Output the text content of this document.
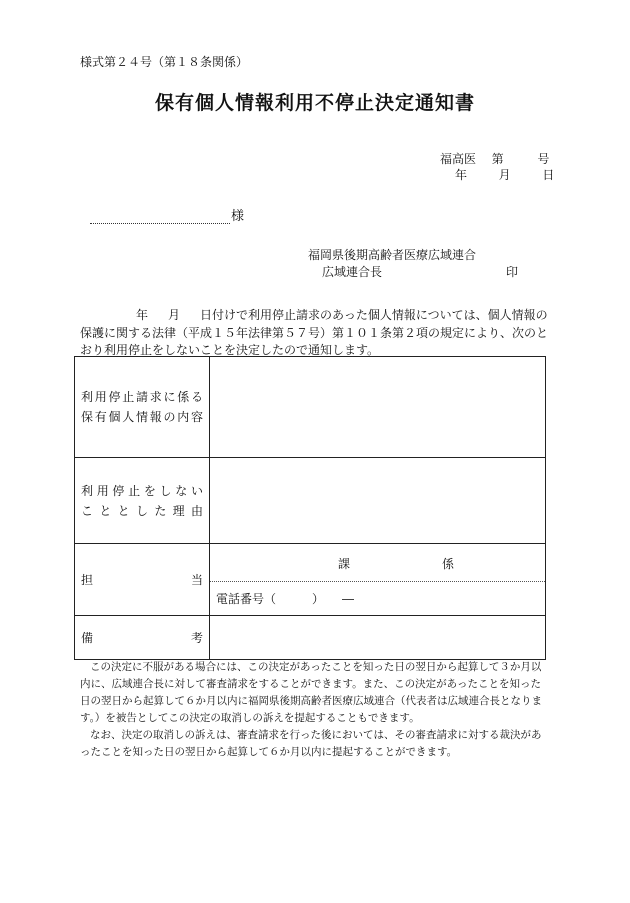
様式第２４号（第１８条関係）
保有個人情報利用不停止決定通知書
福高医 第	号
年	月	日
様
福岡県後期高齢者医療広域連合
広域連合長	印
年 月 日付けで利用停止請求のあった個人情報については、個人情報の保護に関する法律（平成１５年法律第５７号）第１０１条第２項の規定により、次のとおり利用停止をしないことを決定したので通知します。
利用停止請求に係る
保有個人情報の内容	

利用停止をしない
こととした理由	

担 当	課 係
電話番号（　　　）　　―

備 考	

この決定に不服がある場合には、この決定があったことを知った日の翌日から起算して３か月以内に、広域連合長に対して審査請求をすることができます。また、この決定があったことを知った日の翌日から起算して６か月以内に福岡県後期高齢者医療広域連合（代表者は広域連合長となります。）を被告としてこの決定の取消しの訴えを提起することもできます。

なお、決定の取消しの訴えは、審査請求を行った後においては、その審査請求に対する裁決があったことを知った日の翌日から起算して６か月以内に提起することができます。
